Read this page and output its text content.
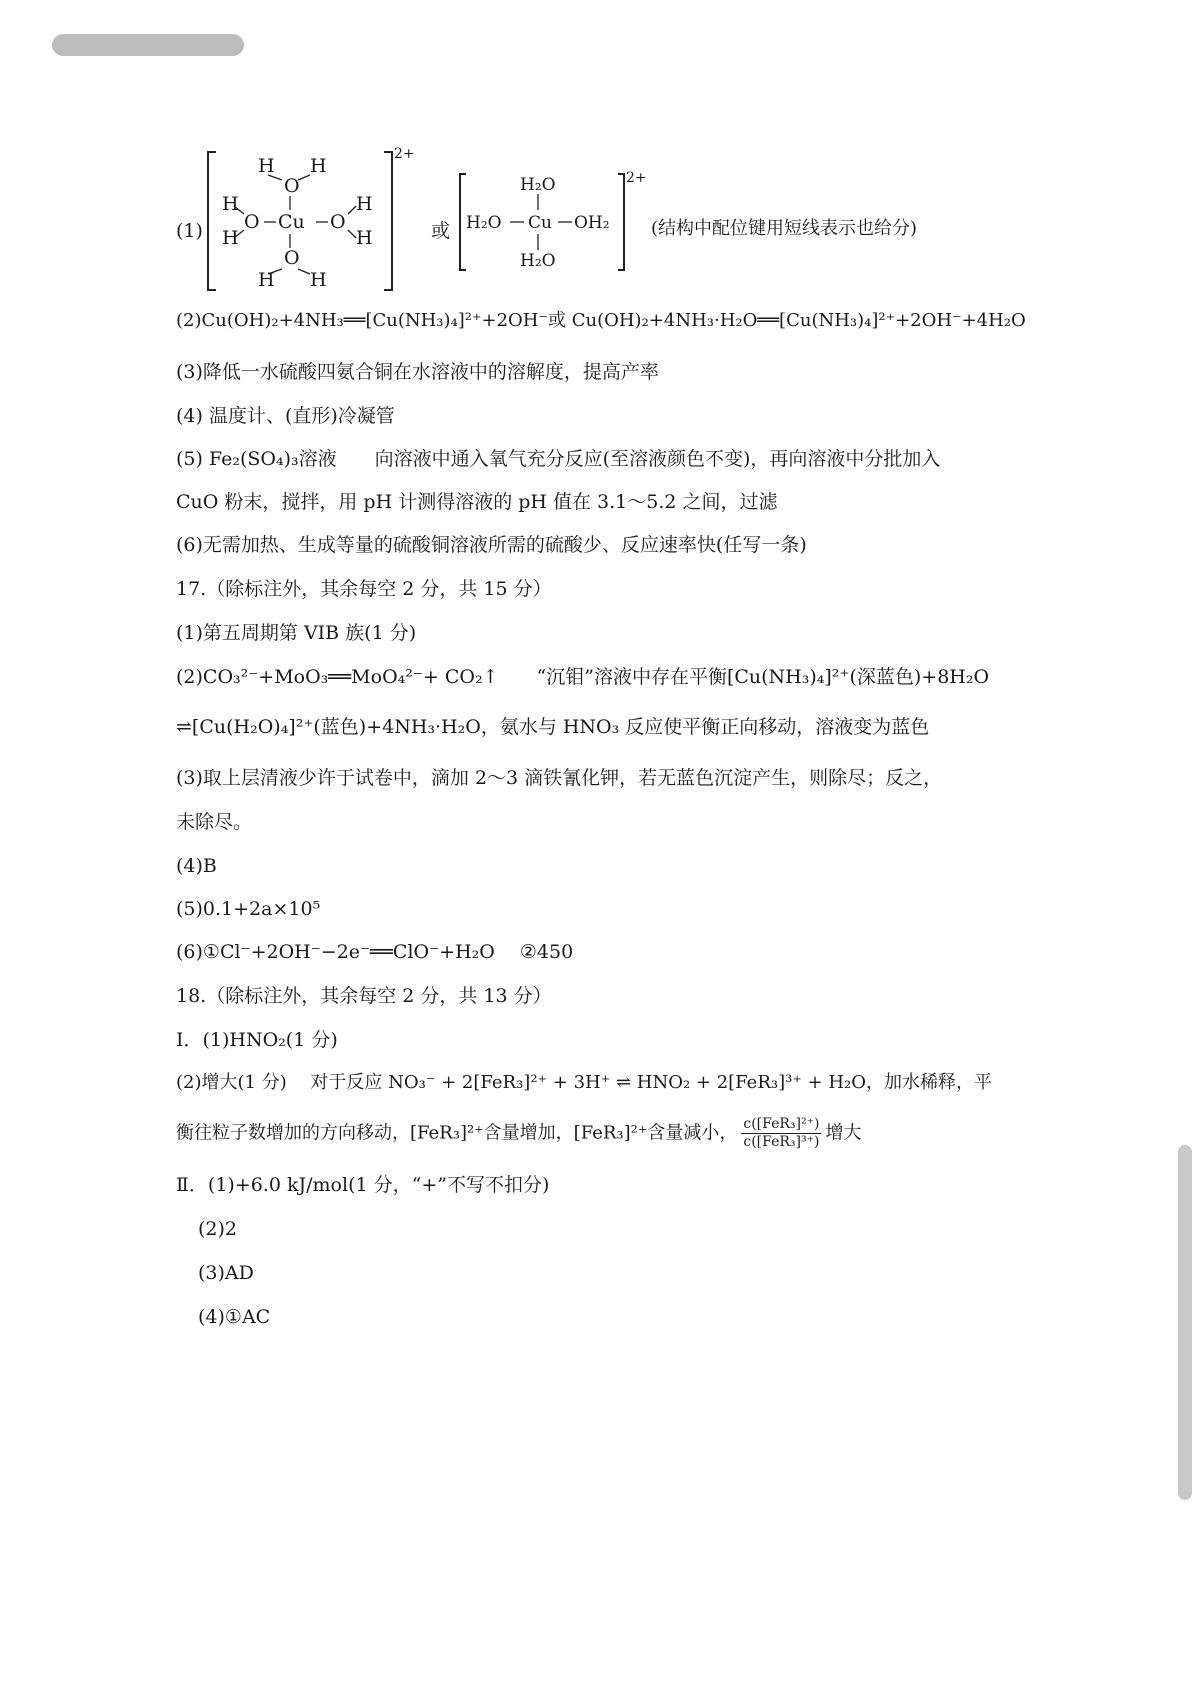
(1)
H H
O
H
H
O Cu O
H
H
O
H H
2+
或
H₂O
H₂O Cu OH₂
H₂O
2+
(结构中配位键用短线表示也给分)
(2)Cu(OH)₂+4NH₃══[Cu(NH₃)₄]²⁺+2OH⁻或 Cu(OH)₂+4NH₃·H₂O══[Cu(NH₃)₄]²⁺+2OH⁻+4H₂O
(3)降低一水硫酸四氨合铜在水溶液中的溶解度，提高产率
(4) 温度计、(直形)冷凝管
(5) Fe₂(SO₄)₃溶液　　向溶液中通入氧气充分反应(至溶液颜色不变)，再向溶液中分批加入
CuO 粉末，搅拌，用 pH 计测得溶液的 pH 值在 3.1～5.2 之间，过滤
(6)无需加热、生成等量的硫酸铜溶液所需的硫酸少、反应速率快(任写一条)
17.（除标注外，其余每空 2 分，共 15 分）
(1)第五周期第 VIB 族(1 分)
(2)CO₃²⁻+MoO₃══MoO₄²⁻+ CO₂↑　　“沉钼”溶液中存在平衡[Cu(NH₃)₄]²⁺(深蓝色)+8H₂O
⇌[Cu(H₂O)₄]²⁺(蓝色)+4NH₃·H₂O，氨水与 HNO₃ 反应使平衡正向移动，溶液变为蓝色
(3)取上层清液少许于试卷中，滴加 2～3 滴铁氰化钾，若无蓝色沉淀产生，则除尽；反之，
未除尽。
(4)B
(5)0.1+2a×10⁵
(6)①Cl⁻+2OH⁻−2e⁻══ClO⁻+H₂O　 ②450
18.（除标注外，其余每空 2 分，共 13 分）
Ⅰ．(1)HNO₂(1 分)
(2)增大(1 分)　 对于反应 NO₃⁻ + 2[FeR₃]²⁺ + 3H⁺ ⇌ HNO₂ + 2[FeR₃]³⁺ + H₂O，加水稀释，平
衡往粒子数增加的方向移动，[FeR₃]²⁺含量增加，[FeR₃]²⁺含量减小， $\frac{\text{c([FeR₃]²⁺)}}{\text{c([FeR₃]³⁺)}}$ 增大
Ⅱ．(1)+6.0 kJ/mol(1 分，“+”不写不扣分)
(2)2
(3)AD
(4)①AC
